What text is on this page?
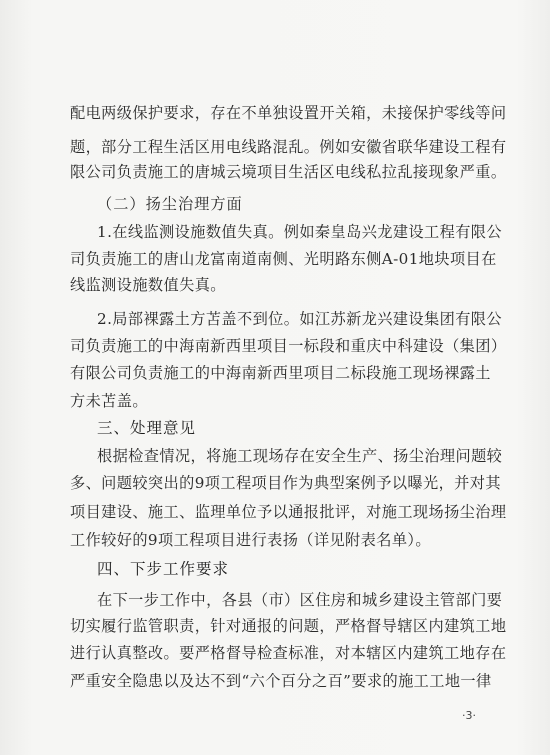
配电两级保护要求，存在不单独设置开关箱，未接保护零线等问
题，部分工程生活区用电线路混乱。例如安徽省联华建设工程有
限公司负责施工的唐城云境项目生活区电线私拉乱接现象严重。
（二）扬尘治理方面
1.在线监测设施数值失真。例如秦皇岛兴龙建设工程有限公
司负责施工的唐山龙富南道南侧、光明路东侧A-01地块项目在
线监测设施数值失真。
2.局部裸露土方苫盖不到位。如江苏新龙兴建设集团有限公
司负责施工的中海南新西里项目一标段和重庆中科建设（集团）
有限公司负责施工的中海南新西里项目二标段施工现场裸露土
方未苫盖。
三、处理意见
根据检查情况，将施工现场存在安全生产、扬尘治理问题较
多、问题较突出的9项工程项目作为典型案例予以曝光，并对其
项目建设、施工、监理单位予以通报批评，对施工现场扬尘治理
工作较好的9项工程项目进行表扬（详见附表名单）。
四、下步工作要求
在下一步工作中，各县（市）区住房和城乡建设主管部门要
切实履行监管职责，针对通报的问题，严格督导辖区内建筑工地
进行认真整改。要严格督导检查标准，对本辖区内建筑工地存在
严重安全隐患以及达不到“六个百分之百”要求的施工工地一律
·3·
